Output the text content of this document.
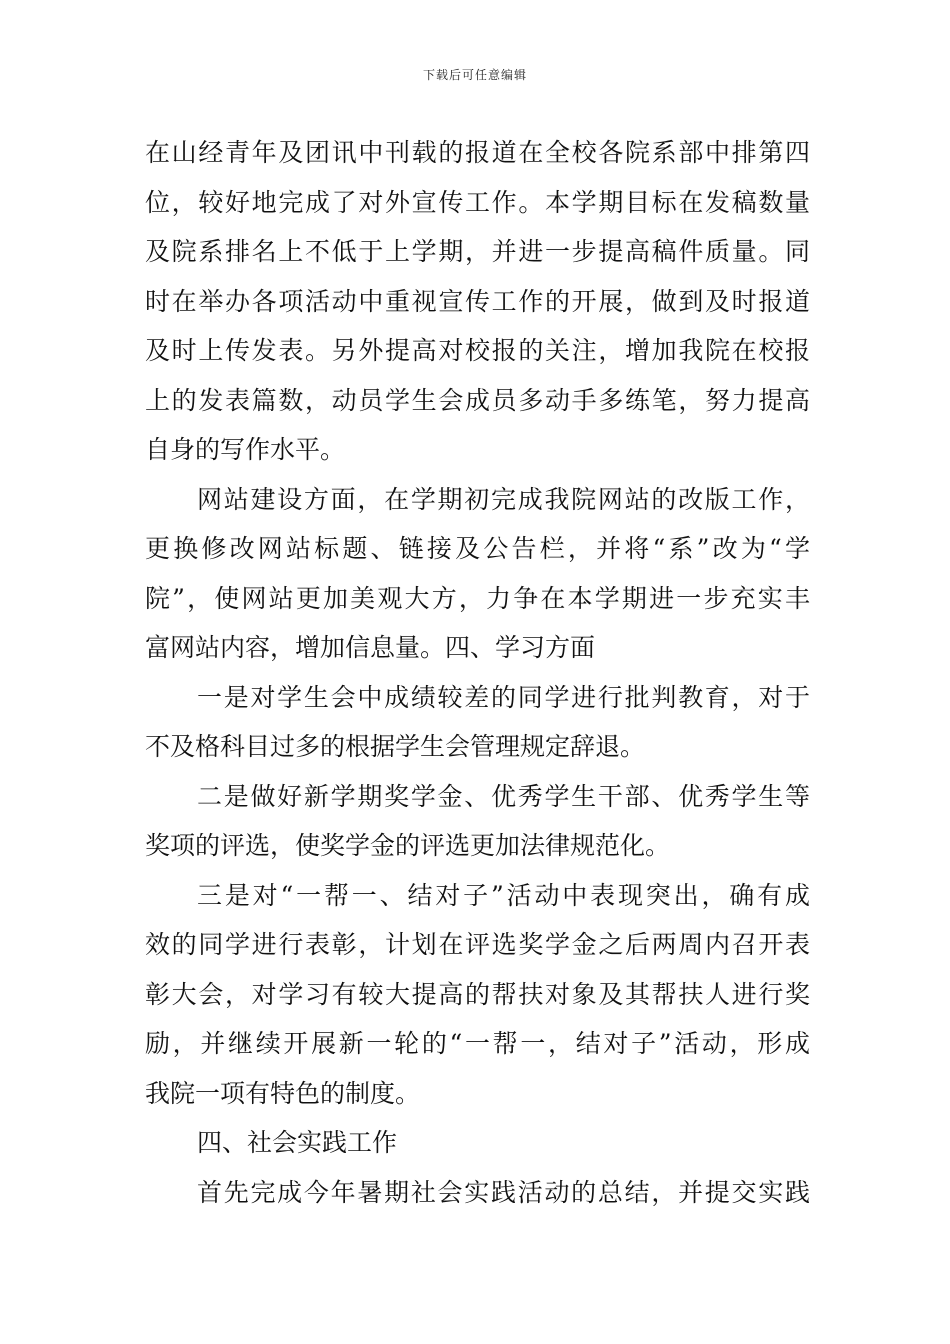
下载后可任意编辑
在山经青年及团讯中刊载的报道在全校各院系部中排第四
位，较好地完成了对外宣传工作。本学期目标在发稿数量
及院系排名上不低于上学期，并进一步提高稿件质量。同
时在举办各项活动中重视宣传工作的开展，做到及时报道
及时上传发表。另外提高对校报的关注，增加我院在校报
上的发表篇数，动员学生会成员多动手多练笔，努力提高
自身的写作水平。
网站建设方面，在学期初完成我院网站的改版工作，
更换修改网站标题、链接及公告栏，并将“系”改为“学
院”，使网站更加美观大方，力争在本学期进一步充实丰
富网站内容，增加信息量。四、学习方面
一是对学生会中成绩较差的同学进行批判教育，对于
不及格科目过多的根据学生会管理规定辞退。
二是做好新学期奖学金、优秀学生干部、优秀学生等
奖项的评选，使奖学金的评选更加法律规范化。
三是对“一帮一、结对子”活动中表现突出，确有成
效的同学进行表彰，计划在评选奖学金之后两周内召开表
彰大会，对学习有较大提高的帮扶对象及其帮扶人进行奖
励，并继续开展新一轮的“一帮一，结对子”活动，形成
我院一项有特色的制度。
四、社会实践工作
首先完成今年暑期社会实践活动的总结，并提交实践
